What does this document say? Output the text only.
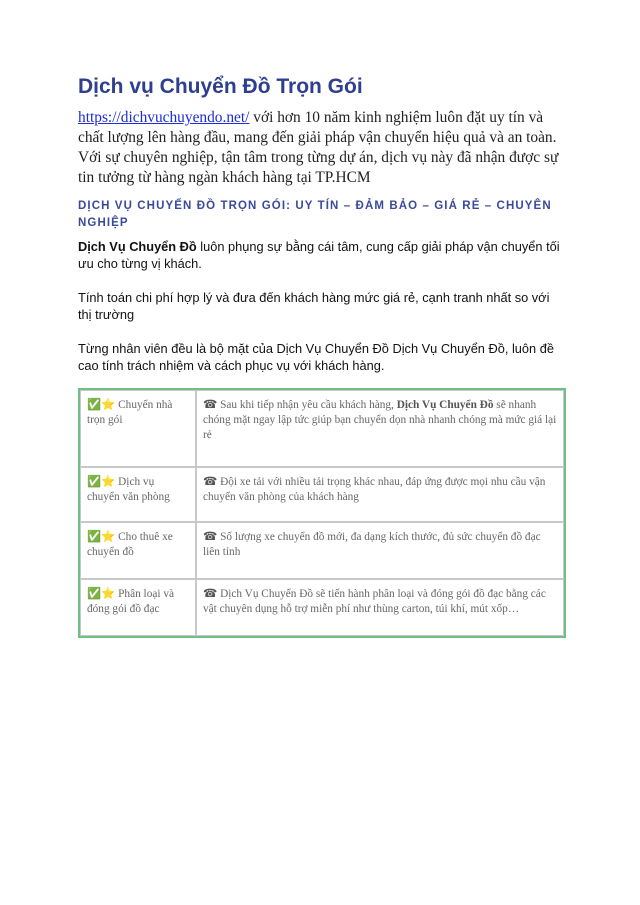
Dịch vụ Chuyển Đồ Trọn Gói

https://dichvuchuyendo.net/ với hơn 10 năm kinh nghiệm luôn đặt uy tín và chất lượng lên hàng đầu, mang đến giải pháp vận chuyển hiệu quả và an toàn. Với sự chuyên nghiệp, tận tâm trong từng dự án, dịch vụ này đã nhận được sự tin tưởng từ hàng ngàn khách hàng tại TP.HCM

DỊCH VỤ CHUYỂN ĐỒ TRỌN GÓI: UY TÍN – ĐẢM BẢO – GIÁ RẺ – CHUYÊN NGHIỆP

Dịch Vụ Chuyển Đồ luôn phụng sự bằng cái tâm, cung cấp giải pháp vận chuyển tối ưu cho từng vị khách.

Tính toán chi phí hợp lý và đưa đến khách hàng mức giá rẻ, cạnh tranh nhất so với thị trường

Từng nhân viên đều là bộ mặt của Dịch Vụ Chuyển Đồ Dịch Vụ Chuyển Đồ, luôn đề cao tính trách nhiệm và cách phục vụ với khách hàng.

✅⭐ Chuyển nhà trọn gói	☎ Sau khi tiếp nhận yêu cầu khách hàng, Dịch Vụ Chuyển Đồ sẽ nhanh chóng mặt ngay lập tức giúp bạn chuyển dọn nhà nhanh chóng mà mức giá lại rẻ
✅⭐ Dịch vụ chuyển văn phòng	☎ Đội xe tải với nhiều tải trọng khác nhau, đáp ứng được mọi nhu cầu vận chuyển văn phòng của khách hàng
✅⭐ Cho thuê xe chuyển đồ	☎ Số lượng xe chuyển đồ mới, đa dạng kích thước, đủ sức chuyển đồ đạc liên tỉnh
✅⭐ Phân loại và đóng gói đồ đạc	☎ Dịch Vụ Chuyển Đồ sẽ tiến hành phân loại và đóng gói đồ đạc bằng các vật chuyên dụng hỗ trợ miễn phí như thùng carton, túi khí, mút xốp…
